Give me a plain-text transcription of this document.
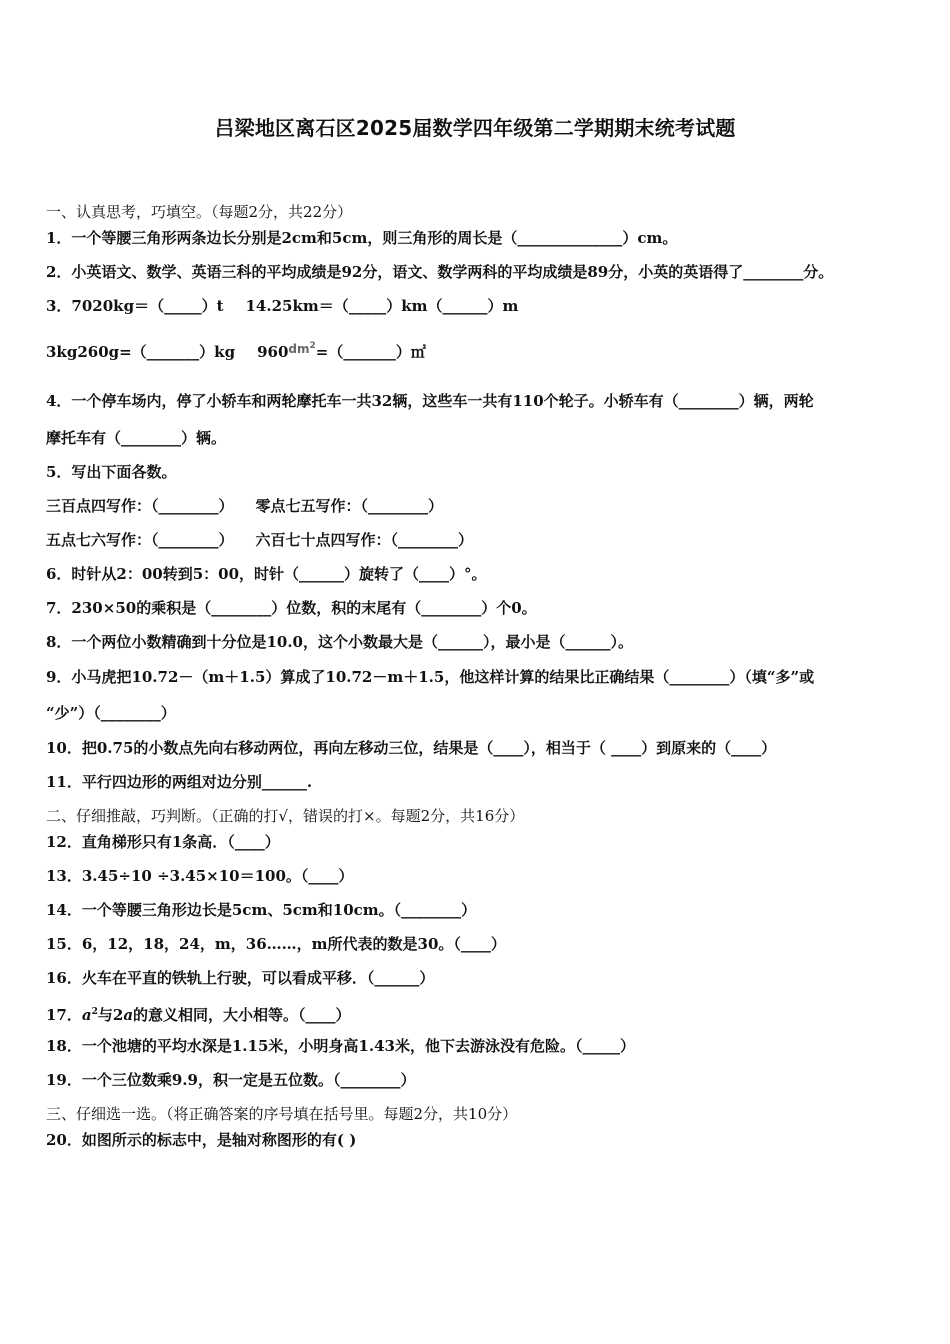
吕梁地区离石区2025届数学四年级第二学期期末统考试题
一、认真思考，巧填空。（每题2分，共22分）
1．一个等腰三角形两条边长分别是2cm和5cm，则三角形的周长是（______________）cm。
2．小英语文、数学、英语三科的平均成绩是92分，语文、数学两科的平均成绩是89分，小英的英语得了________分。
3．7020kg＝（_____）t 14.25km＝（_____）km（______）m
3kg260g=（_______）kg $960^{dm^2}=(\_\_\_\_\_\_\_)㎡$
4．一个停车场内，停了小轿车和两轮摩托车一共32辆，这些车一共有110个轮子。小轿车有（________）辆，两轮
摩托车有（________）辆。
5．写出下面各数。
三百点四写作：（________） 零点七五写作：（________）
五点七六写作：（________） 六百七十点四写作：（________）
6．时针从2：00转到5：00，时针（______）旋转了（____）°。
7．230×50的乘积是（________）位数，积的末尾有（________）个0。
8．一个两位小数精确到十分位是10.0，这个小数最大是（______），最小是（______）。
9．小马虎把10.72－（m＋1.5）算成了10.72－m＋1.5，他这样计算的结果比正确结果（________）（填“多”或
“少”）（________）
10．把0.75的小数点先向右移动两位，再向左移动三位，结果是（____），相当于（ ____）到原来的（____）
11．平行四边形的两组对边分别______.
二、仔细推敲，巧判断。（正确的打√，错误的打×。每题2分，共16分）
12．直角梯形只有1条高．（____）
13．3.45÷10 ÷3.45×10＝100。（____）
14．一个等腰三角形边长是5cm、5cm和10cm。（________）
15．6，12，18，24，m，36……，m所代表的数是30。（____）
16．火车在平直的铁轨上行驶，可以看成平移．（______）
17．$a^2$与2a的意义相同，大小相等。（____）
18．一个池塘的平均水深是1.15米，小明身高1.43米，他下去游泳没有危险。（_____）
19．一个三位数乘9.9，积一定是五位数。（________）
三、仔细选一选。（将正确答案的序号填在括号里。每题2分，共10分）
20．如图所示的标志中，是轴对称图形的有( )
